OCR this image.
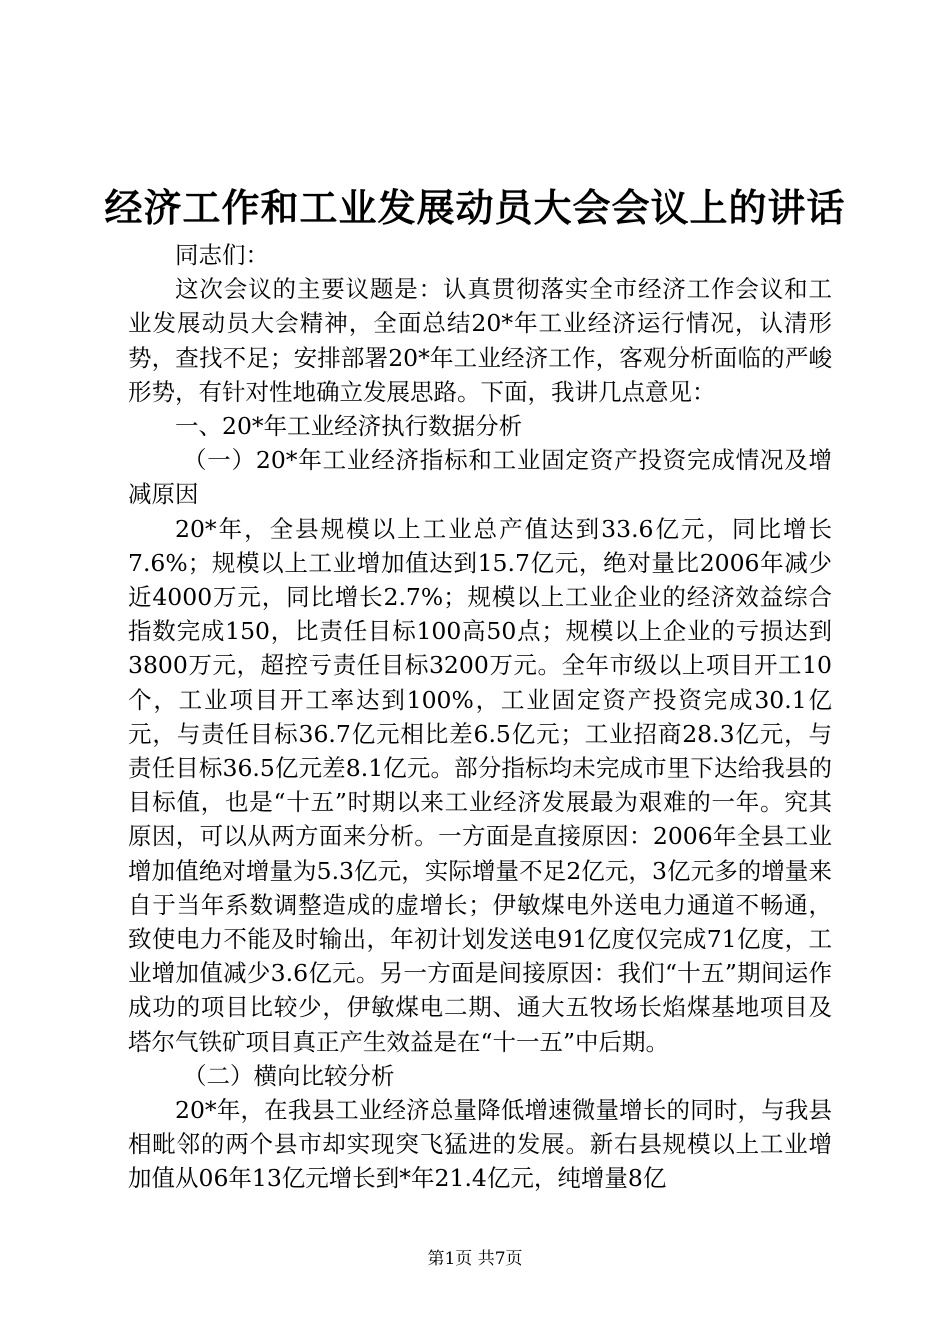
经济工作和工业发展动员大会会议上的讲话

同志们：

这次会议的主要议题是：认真贯彻落实全市经济工作会议和工业发展动员大会精神，全面总结20*年工业经济运行情况，认清形势，查找不足；安排部署20*年工业经济工作，客观分析面临的严峻形势，有针对性地确立发展思路。下面，我讲几点意见：

一、20*年工业经济执行数据分析

（一）20*年工业经济指标和工业固定资产投资完成情况及增减原因

20*年，全县规模以上工业总产值达到33.6亿元，同比增长7.6%；规模以上工业增加值达到15.7亿元，绝对量比2006年减少近4000万元，同比增长2.7%；规模以上工业企业的经济效益综合指数完成150，比责任目标100高50点；规模以上企业的亏损达到3800万元，超控亏责任目标3200万元。全年市级以上项目开工10个，工业项目开工率达到100%，工业固定资产投资完成30.1亿元，与责任目标36.7亿元相比差6.5亿元；工业招商28.3亿元，与责任目标36.5亿元差8.1亿元。部分指标均未完成市里下达给我县的目标值，也是“十五”时期以来工业经济发展最为艰难的一年。究其原因，可以从两方面来分析。一方面是直接原因：2006年全县工业增加值绝对增量为5.3亿元，实际增量不足2亿元，3亿元多的增量来自于当年系数调整造成的虚增长；伊敏煤电外送电力通道不畅通，致使电力不能及时输出，年初计划发送电91亿度仅完成71亿度，工业增加值减少3.6亿元。另一方面是间接原因：我们“十五”期间运作成功的项目比较少，伊敏煤电二期、通大五牧场长焰煤基地项目及塔尔气铁矿项目真正产生效益是在“十一五”中后期。

（二）横向比较分析

20*年，在我县工业经济总量降低增速微量增长的同时，与我县相毗邻的两个县市却实现突飞猛进的发展。新右县规模以上工业增加值从06年13亿元增长到*年21.4亿元，纯增量8亿

第1页 共7页
